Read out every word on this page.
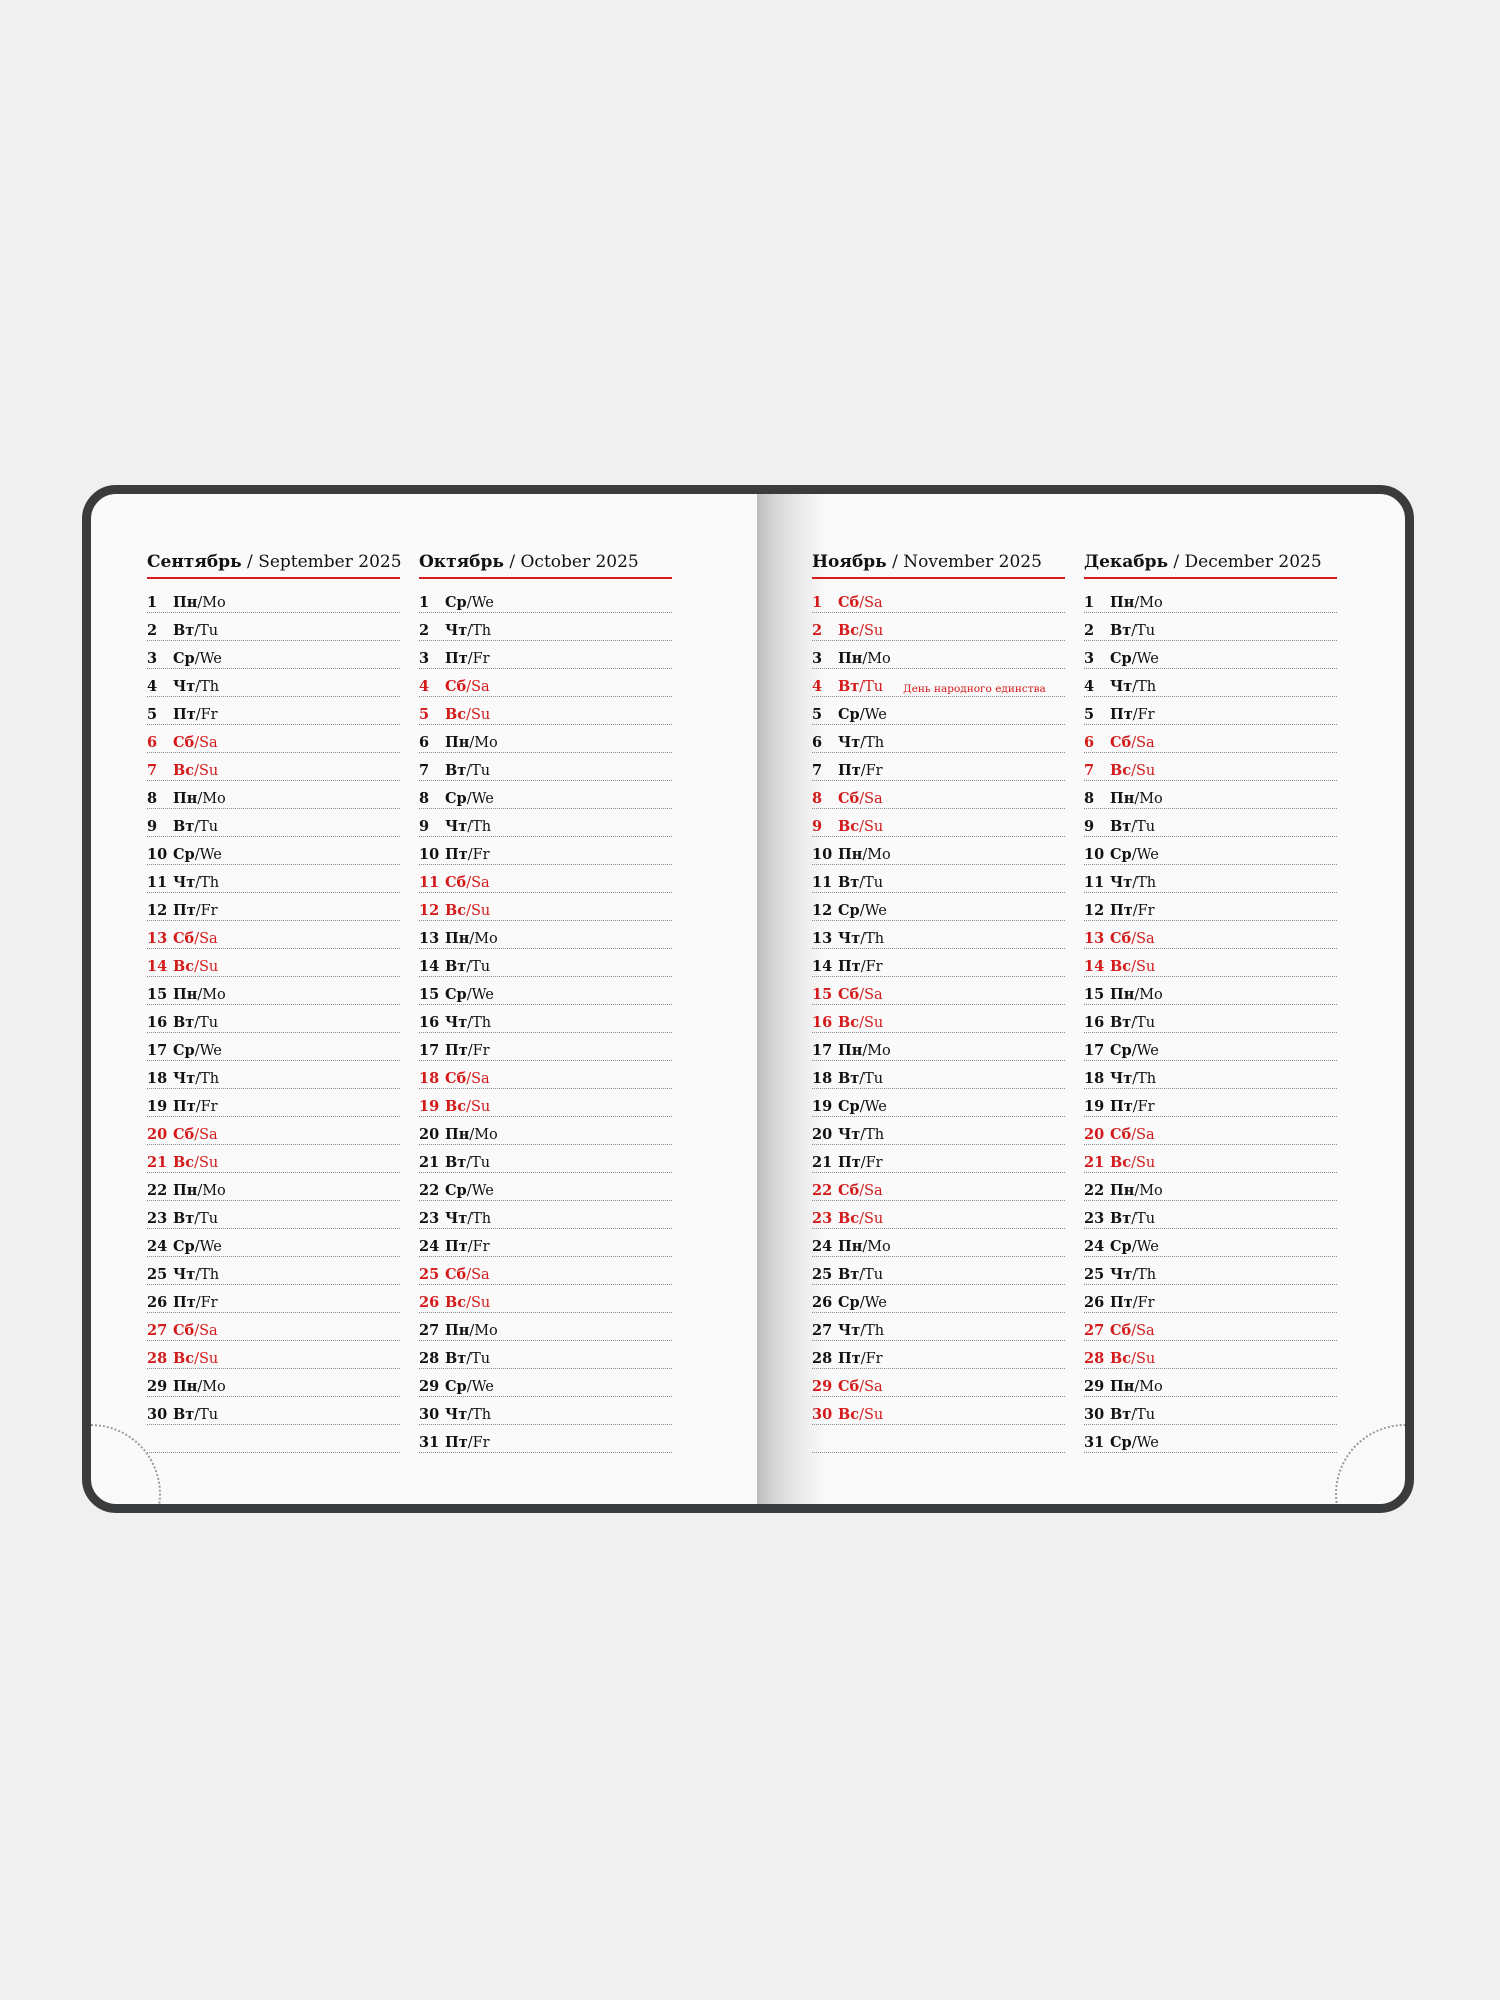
Сентябрь / September 2025
1	Пн /Mo
2	Вт /Tu
3	Ср /We
4	Чт /Th
5	Пт /Fr
6	Сб /Sa
7	Вс /Su
8	Пн /Mo
9	Вт /Tu
10 Ср /We
11 Чт /Th
12 Пт /Fr
13 Сб /Sa
14 Вс /Su
15 Пн /Mo
16 Вт /Tu
17 Ср /We
18 Чт /Th
19 Пт /Fr
20 Сб /Sa
21 Вс /Su
22 Пн /Mo
23 Вт /Tu
24 Ср /We
25 Чт /Th
26 Пт /Fr
27 Сб /Sa
28 Вс /Su
29 Пн /Mo
30 Вт /Tu
Октябрь / October 2025
1	Ср /We
2	Чт /Th
3	Пт /Fr
4	Сб /Sa
5	Вс /Su
6	Пн /Mo
7	Вт /Tu
8	Ср /We
9	Чт /Th
10 Пт /Fr
11 Сб /Sa
12 Вс /Su
13 Пн /Mo
14 Вт /Tu
15 Ср /We
16 Чт /Th
17 Пт /Fr
18 Сб /Sa
19 Вс /Su
20 Пн /Mo
21 Вт /Tu
22 Ср /We
23 Чт /Th
24 Пт /Fr
25 Сб /Sa
26 Вс /Su
27 Пн /Mo
28 Вт /Tu
29 Ср /We
30 Чт /Th
31 Пт /Fr
Ноябрь / November 2025
1	Сб /Sa
2	Вс /Su
3	Пн /Mo
4	Вт /Tu День народного единства
5	Ср /We
6	Чт /Th
7	Пт /Fr
8	Сб /Sa
9	Вс /Su
10 Пн /Mo
11 Вт /Tu
12 Ср /We
13 Чт /Th
14 Пт /Fr
15 Сб /Sa
16 Вс /Su
17 Пн /Mo
18 Вт /Tu
19 Ср /We
20 Чт /Th
21 Пт /Fr
22 Сб /Sa
23 Вс /Su
24 Пн /Mo
25 Вт /Tu
26 Ср /We
27 Чт /Th
28 Пт /Fr
29 Сб /Sa
30 Вс /Su
Декабрь / December 2025
1	Пн /Mo
2	Вт /Tu
3	Ср /We
4	Чт /Th
5	Пт /Fr
6	Сб /Sa
7	Вс /Su
8	Пн /Mo
9	Вт /Tu
10 Ср /We
11 Чт /Th
12 Пт /Fr
13 Сб /Sa
14 Вс /Su
15 Пн /Mo
16 Вт /Tu
17 Ср /We
18 Чт /Th
19 Пт /Fr
20 Сб /Sa
21 Вс /Su
22 Пн /Mo
23 Вт /Tu
24 Ср /We
25 Чт /Th
26 Пт /Fr
27 Сб /Sa
28 Вс /Su
29 Пн /Mo
30 Вт /Tu
31 Ср /We
